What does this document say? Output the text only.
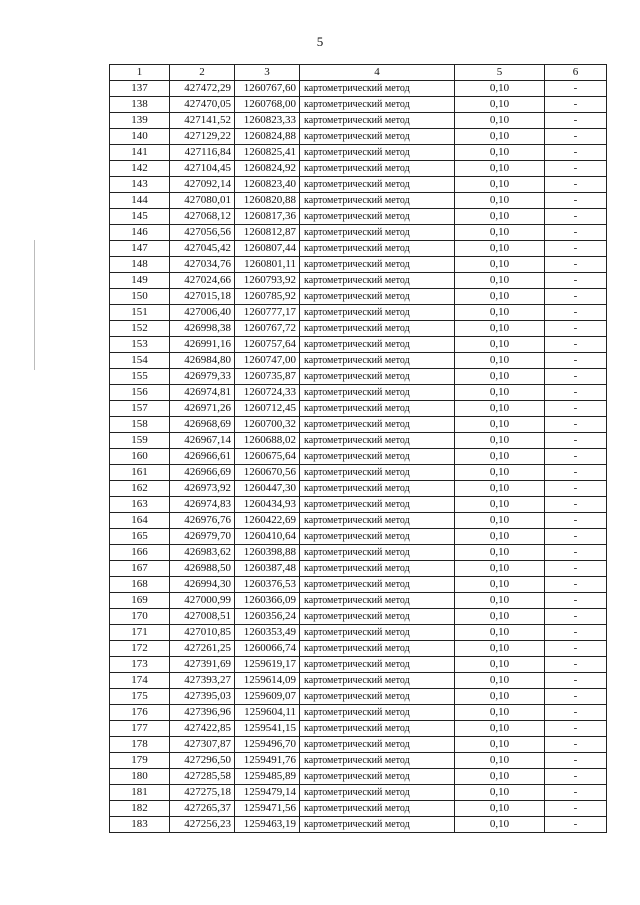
5
1	2	3	4	5	6
137	427472,29	1260767,60	картометрический метод	0,10	-
138	427470,05	1260768,00	картометрический метод	0,10	-
139	427141,52	1260823,33	картометрический метод	0,10	-
140	427129,22	1260824,88	картометрический метод	0,10	-
141	427116,84	1260825,41	картометрический метод	0,10	-
142	427104,45	1260824,92	картометрический метод	0,10	-
143	427092,14	1260823,40	картометрический метод	0,10	-
144	427080,01	1260820,88	картометрический метод	0,10	-
145	427068,12	1260817,36	картометрический метод	0,10	-
146	427056,56	1260812,87	картометрический метод	0,10	-
147	427045,42	1260807,44	картометрический метод	0,10	-
148	427034,76	1260801,11	картометрический метод	0,10	-
149	427024,66	1260793,92	картометрический метод	0,10	-
150	427015,18	1260785,92	картометрический метод	0,10	-
151	427006,40	1260777,17	картометрический метод	0,10	-
152	426998,38	1260767,72	картометрический метод	0,10	-
153	426991,16	1260757,64	картометрический метод	0,10	-
154	426984,80	1260747,00	картометрический метод	0,10	-
155	426979,33	1260735,87	картометрический метод	0,10	-
156	426974,81	1260724,33	картометрический метод	0,10	-
157	426971,26	1260712,45	картометрический метод	0,10	-
158	426968,69	1260700,32	картометрический метод	0,10	-
159	426967,14	1260688,02	картометрический метод	0,10	-
160	426966,61	1260675,64	картометрический метод	0,10	-
161	426966,69	1260670,56	картометрический метод	0,10	-
162	426973,92	1260447,30	картометрический метод	0,10	-
163	426974,83	1260434,93	картометрический метод	0,10	-
164	426976,76	1260422,69	картометрический метод	0,10	-
165	426979,70	1260410,64	картометрический метод	0,10	-
166	426983,62	1260398,88	картометрический метод	0,10	-
167	426988,50	1260387,48	картометрический метод	0,10	-
168	426994,30	1260376,53	картометрический метод	0,10	-
169	427000,99	1260366,09	картометрический метод	0,10	-
170	427008,51	1260356,24	картометрический метод	0,10	-
171	427010,85	1260353,49	картометрический метод	0,10	-
172	427261,25	1260066,74	картометрический метод	0,10	-
173	427391,69	1259619,17	картометрический метод	0,10	-
174	427393,27	1259614,09	картометрический метод	0,10	-
175	427395,03	1259609,07	картометрический метод	0,10	-
176	427396,96	1259604,11	картометрический метод	0,10	-
177	427422,85	1259541,15	картометрический метод	0,10	-
178	427307,87	1259496,70	картометрический метод	0,10	-
179	427296,50	1259491,76	картометрический метод	0,10	-
180	427285,58	1259485,89	картометрический метод	0,10	-
181	427275,18	1259479,14	картометрический метод	0,10	-
182	427265,37	1259471,56	картометрический метод	0,10	-
183	427256,23	1259463,19	картометрический метод	0,10	-
